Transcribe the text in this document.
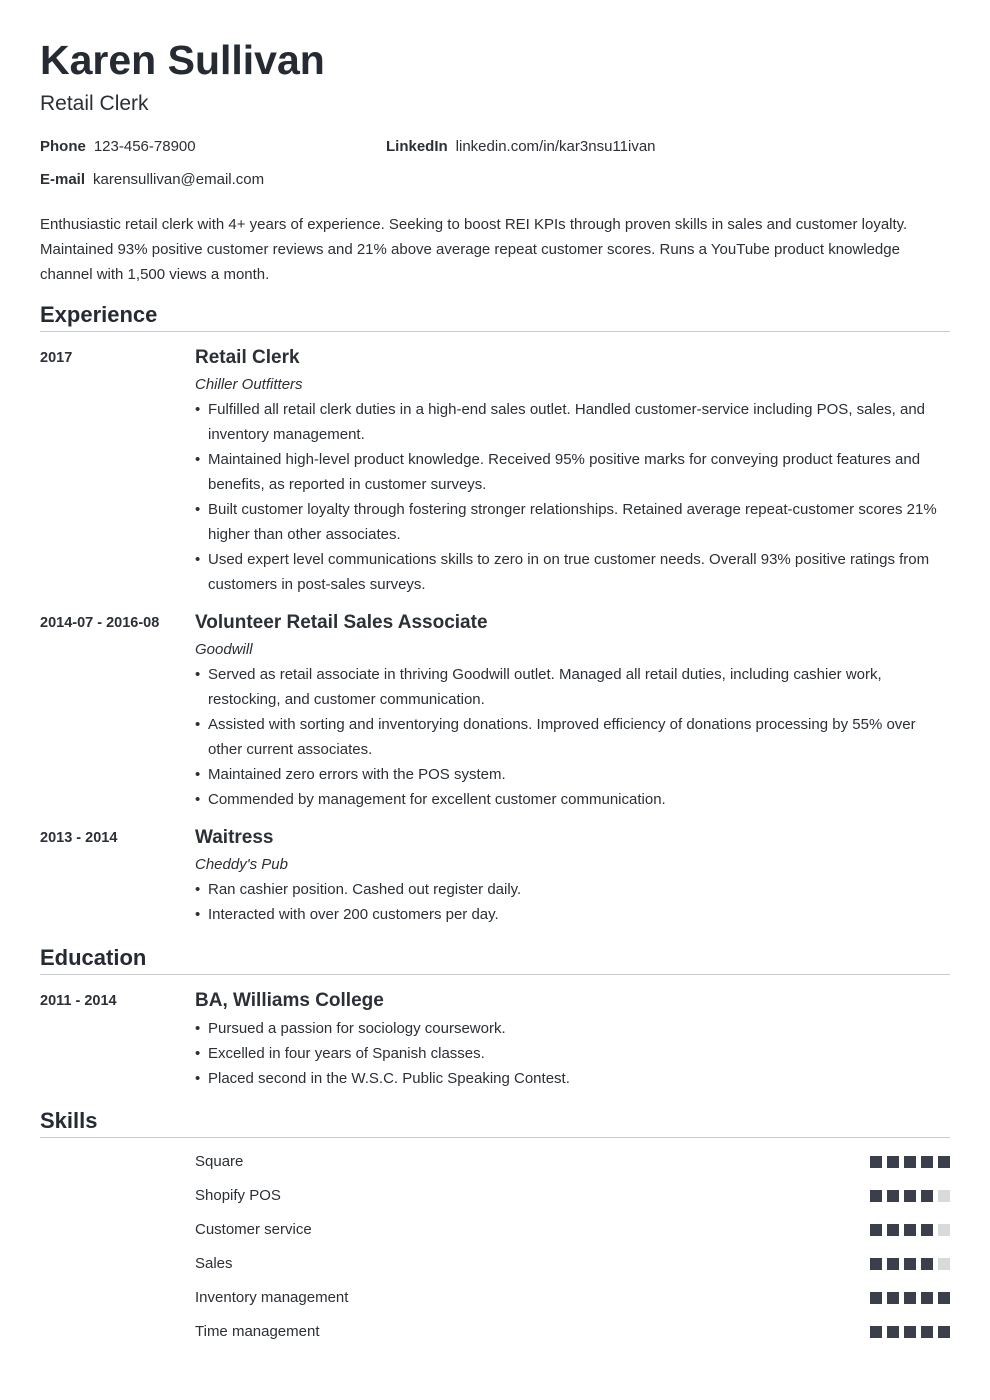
Karen Sullivan
Retail Clerk
Phone 123-456-78900	LinkedIn linkedin.com/in/kar3nsu11ivan
E-mail karensullivan@email.com

Enthusiastic retail clerk with 4+ years of experience. Seeking to boost REI KPIs through proven skills in sales and customer loyalty. Maintained 93% positive customer reviews and 21% above average repeat customer scores. Runs a YouTube product knowledge channel with 1,500 views a month.

Experience
2017	Retail Clerk
Chiller Outfitters
• Fulfilled all retail clerk duties in a high-end sales outlet. Handled customer-service including POS, sales, and inventory management.
• Maintained high-level product knowledge. Received 95% positive marks for conveying product features and benefits, as reported in customer surveys.
• Built customer loyalty through fostering stronger relationships. Retained average repeat-customer scores 21% higher than other associates.
• Used expert level communications skills to zero in on true customer needs. Overall 93% positive ratings from customers in post-sales surveys.
2014-07 - 2016-08 Volunteer Retail Sales Associate
Goodwill
• Served as retail associate in thriving Goodwill outlet. Managed all retail duties, including cashier work, restocking, and customer communication.
• Assisted with sorting and inventorying donations. Improved efficiency of donations processing by 55% over other current associates.
• Maintained zero errors with the POS system.
• Commended by management for excellent customer communication.
2013 - 2014	Waitress
Cheddy's Pub
• Ran cashier position. Cashed out register daily.
• Interacted with over 200 customers per day.
Education
2011 - 2014	BA, Williams College
• Pursued a passion for sociology coursework.
• Excelled in four years of Spanish classes.
• Placed second in the W.S.C. Public Speaking Contest.
Skills
Square
Shopify POS
Customer service
Sales
Inventory management
Time management
